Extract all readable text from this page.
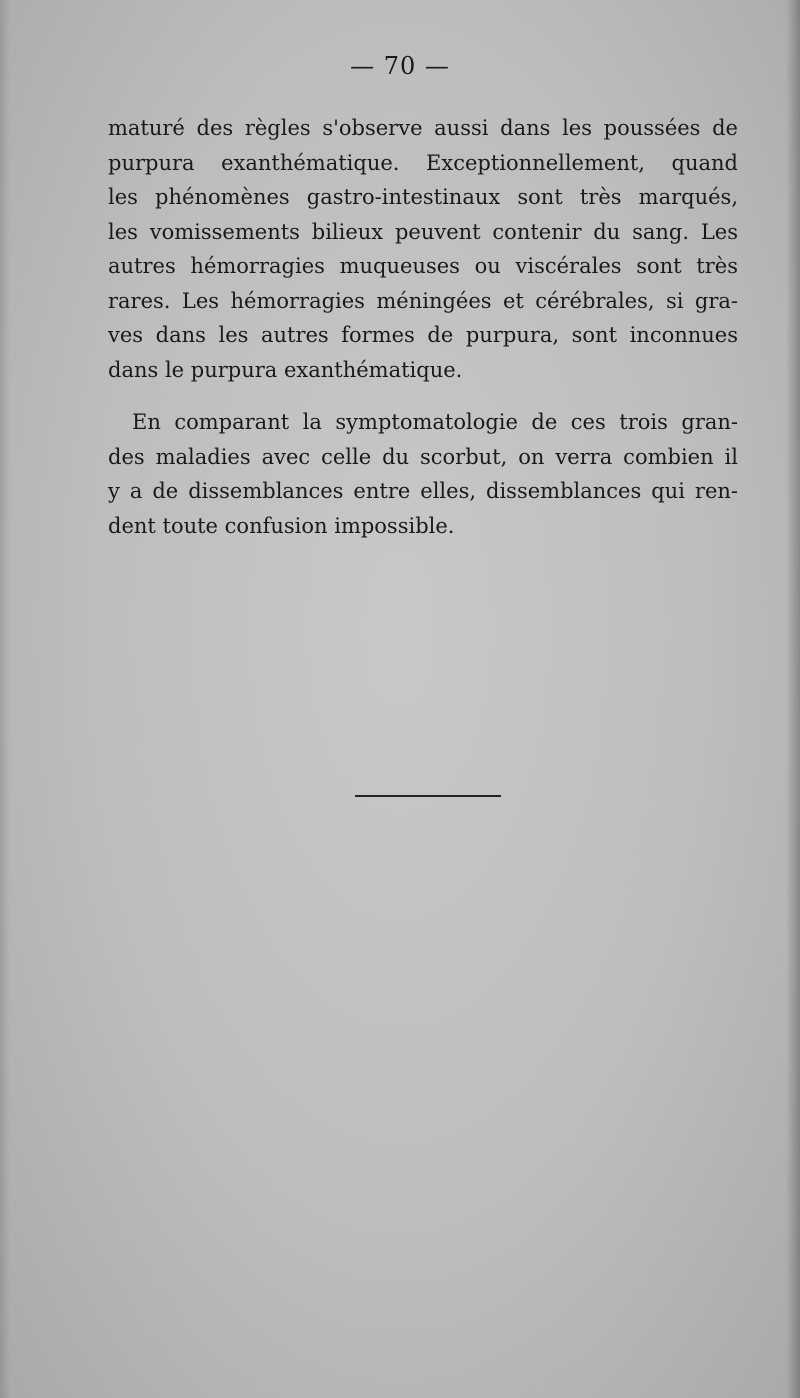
— 70 —

maturé des règles s'observe aussi dans les poussées de
purpura exanthématique. Exceptionnellement, quand
les phénomènes gastro-intestinaux sont très marqués,
les vomissements bilieux peuvent contenir du sang. Les
autres hémorragies muqueuses ou viscérales sont très
rares. Les hémorragies méningées et cérébrales, si gra-
ves dans les autres formes de purpura, sont inconnues
dans le purpura exanthématique.

En comparant la symptomatologie de ces trois gran-
des maladies avec celle du scorbut, on verra combien il
y a de dissemblances entre elles, dissemblances qui ren-
dent toute confusion impossible.
